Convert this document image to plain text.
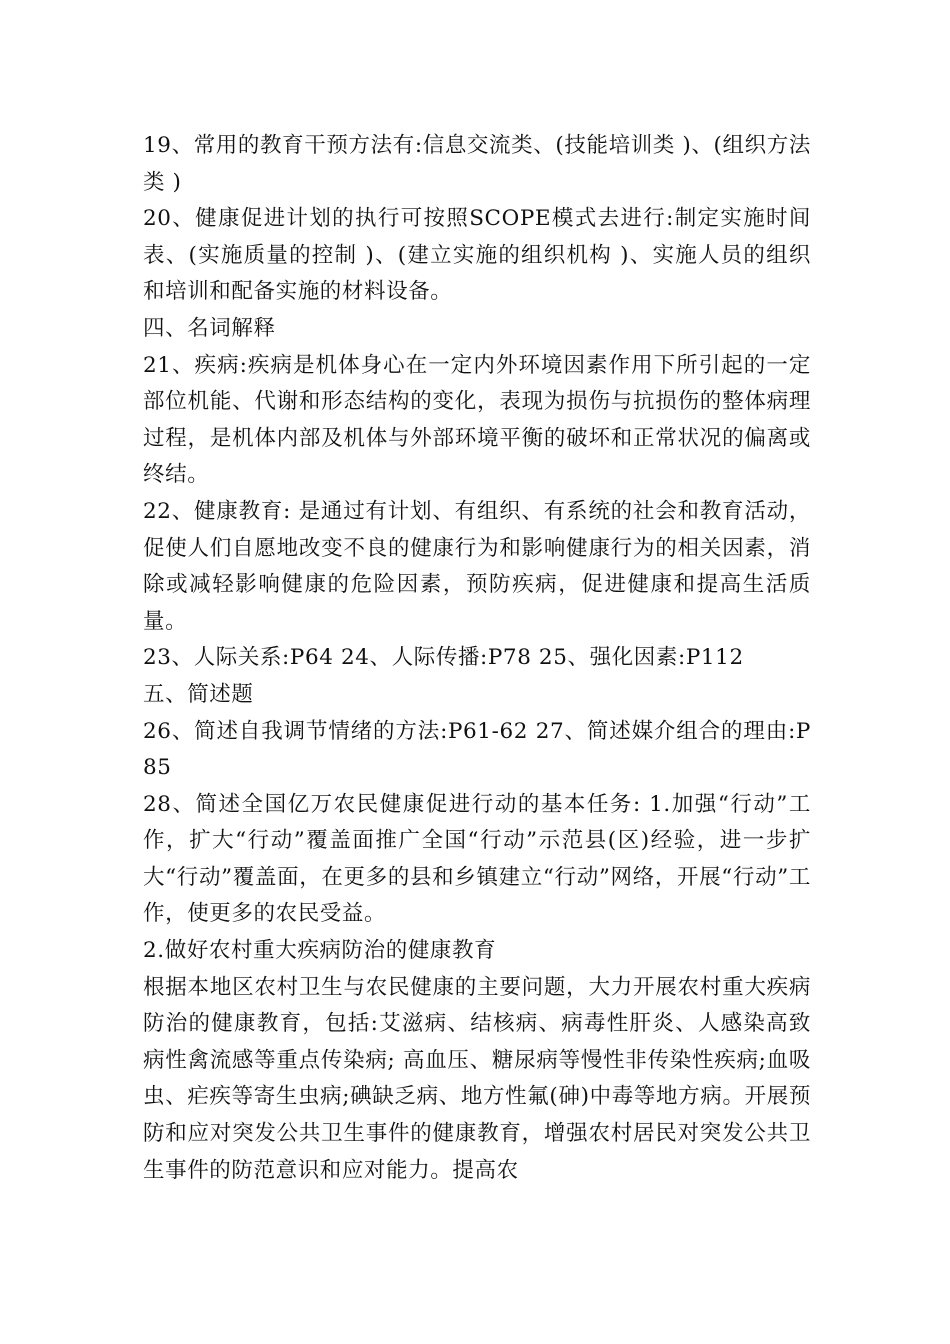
19、常用的教育干预方法有:信息交流类、(技能培训类 )、(组织方法类 )

20、健康促进计划的执行可按照SCOPE模式去进行:制定实施时间表、(实施质量的控制 )、(建立实施的组织机构 )、实施人员的组织和培训和配备实施的材料设备。

四、名词解释

21、疾病:疾病是机体身心在一定内外环境因素作用下所引起的一定部位机能、代谢和形态结构的变化，表现为损伤与抗损伤的整体病理过程，是机体内部及机体与外部环境平衡的破坏和正常状况的偏离或终结。

22、健康教育: 是通过有计划、有组织、有系统的社会和教育活动，促使人们自愿地改变不良的健康行为和影响健康行为的相关因素，消除或减轻影响健康的危险因素，预防疾病，促进健康和提高生活质量。

23、人际关系:P64 24、人际传播:P78 25、强化因素:P112

五、简述题

26、简述自我调节情绪的方法:P61-62 27、简述媒介组合的理由:P85

28、简述全国亿万农民健康促进行动的基本任务: 1.加强“行动”工作，扩大“行动”覆盖面推广全国“行动”示范县(区)经验，进一步扩大“行动”覆盖面，在更多的县和乡镇建立“行动”网络，开展“行动”工作，使更多的农民受益。

2.做好农村重大疾病防治的健康教育

根据本地区农村卫生与农民健康的主要问题，大力开展农村重大疾病防治的健康教育，包括:艾滋病、结核病、病毒性肝炎、人感染高致病性禽流感等重点传染病; 高血压、糖尿病等慢性非传染性疾病;血吸虫、疟疾等寄生虫病;碘缺乏病、地方性氟(砷)中毒等地方病。开展预防和应对突发公共卫生事件的健康教育，增强农村居民对突发公共卫生事件的防范意识和应对能力。提高农
